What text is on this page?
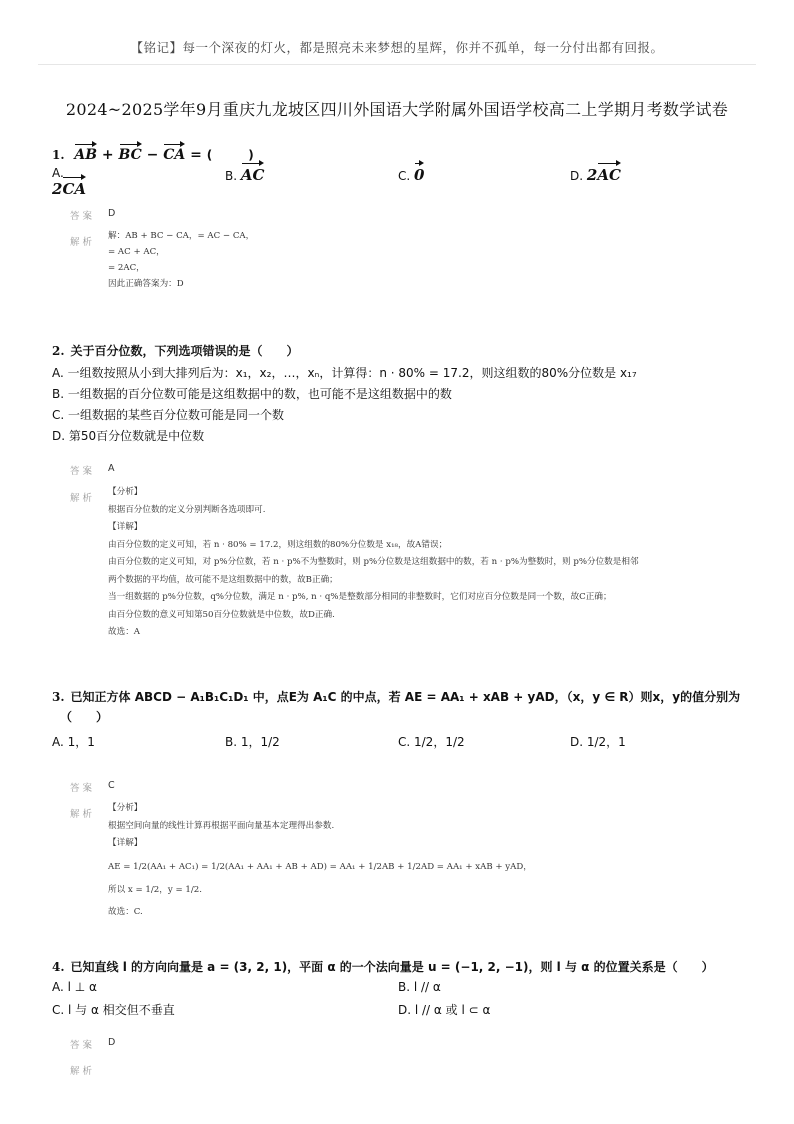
【铭记】每一个深夜的灯火，都是照亮未来梦想的星辉，你并不孤单，每一分付出都有回报。
2024~2025学年9月重庆九龙坡区四川外国语大学附属外国语学校高二上学期月考数学试卷
1. AB + BC − CA = (　　　)
A.
2CA
B. AC	C. 0	D. 2AC
答案 D
解析
解：AB + BC − CA，= AC − CA，
= AC + AC，
= 2AC，
因此正确答案为：D
2. 关于百分位数，下列选项错误的是（　　）
A. 一组数按照从小到大排列后为：x₁，x₂，…，xₙ，计算得：n · 80% = 17.2，则这组数的80%分位数是 x₁₇
B. 一组数据的百分位数可能是这组数据中的数，也可能不是这组数据中的数
C. 一组数据的某些百分位数可能是同一个数
D. 第50百分位数就是中位数
答案 A
解析
【分析】
根据百分位数的定义分别判断各选项即可.
【详解】
由百分位数的定义可知，若 n · 80% = 17.2，则这组数的80%分位数是 x₁₈，故A错误；
由百分位数的定义可知，对 p%分位数，若 n · p%不为整数时，则 p%分位数是这组数据中的数，若 n · p%为整数时，则 p%分位数是相邻
两个数据的平均值，故可能不是这组数据中的数，故B正确；
当一组数据的 p%分位数，q%分位数，满足 n · p%, n · q%是整数部分相同的非整数时，它们对应百分位数是同一个数，故C正确；
由百分位数的意义可知第50百分位数就是中位数，故D正确.
故选：A
3. 已知正方体 ABCD − A₁B₁C₁D₁ 中，点E为 A₁C 的中点，若 AE = AA₁ + xAB + yAD，（x，y ∈ R）则x，y的值分别为
（　　）
A. 1，1	B. 1，1/2	C. 1/2，1/2	D. 1/2，1
答案 C
解析
【分析】
根据空间向量的线性计算再根据平面向量基本定理得出参数.
【详解】
AE = 1/2(AA₁ + AC₁) = 1/2(AA₁ + AA₁ + AB + AD) = AA₁ + 1/2AB + 1/2AD = AA₁ + xAB + yAD，
所以 x = 1/2，y = 1/2.
故选：C.
4. 已知直线 l 的方向向量是 a = (3, 2, 1)，平面 α 的一个法向量是 u = (−1, 2, −1)，则 l 与 α 的位置关系是（　　）
A. l ⊥ α	B. l // α
C. l 与 α 相交但不垂直	D. l // α 或 l ⊂ α
答案 D
解析
